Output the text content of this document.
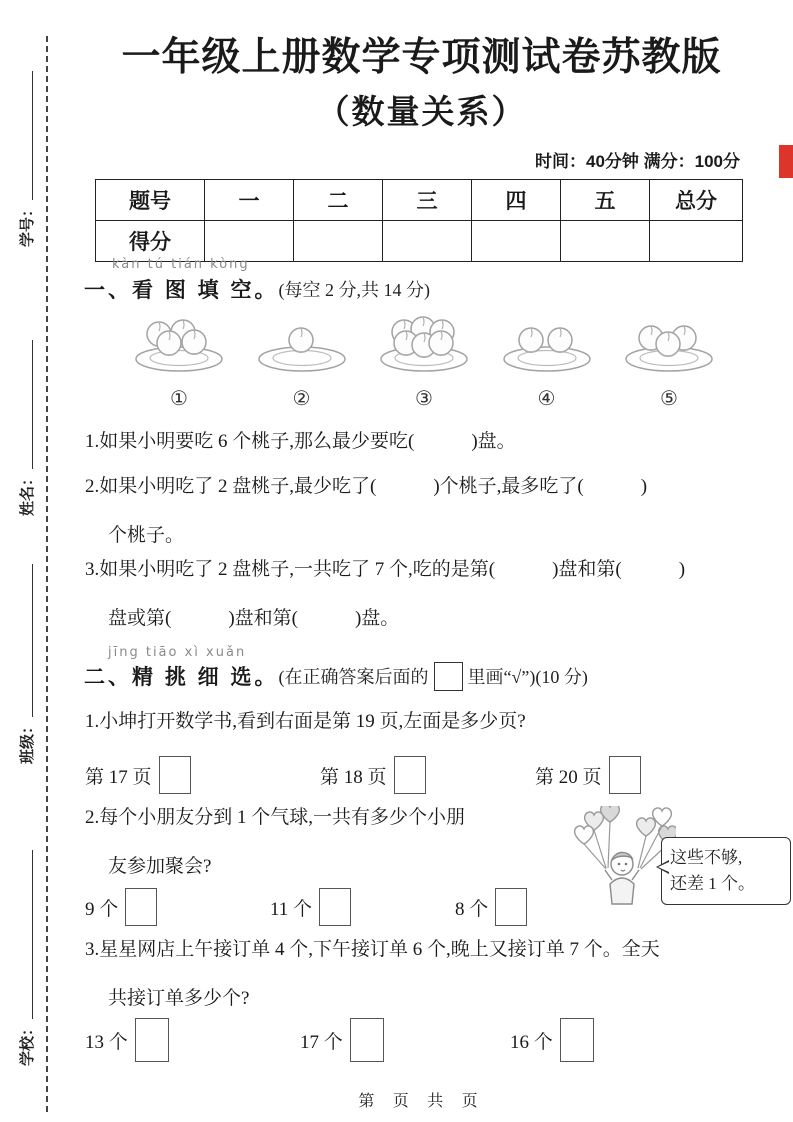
学号：
姓名：
班级：
学校：
一年级上册数学专项测试卷苏教版
（数量关系）
时间：40分钟 满分：100分
题号	一	二	三	四	五	总分
得分						
kàn tú tián kòng
一、看 图 填 空。 (每空 2 分,共 14 分)
①	②	③	④	⑤
1.如果小明要吃 6 个桃子,那么最少要吃(　　　)盘。
2.如果小明吃了 2 盘桃子,最少吃了(　　　)个桃子,最多吃了(　　　)
个桃子。
3.如果小明吃了 2 盘桃子,一共吃了 7 个,吃的是第(　　　)盘和第(　　　)
盘或第(　　　)盘和第(　　　)盘。
jīng tiāo xì xuǎn
二、精 挑 细 选。 (在正确答案后面的 里画“√”)(10 分)
1.小坤打开数学书,看到右面是第 19 页,左面是多少页?
第 17 页	第 18 页	第 20 页
2.每个小朋友分到 1 个气球,一共有多少个小朋
友参加聚会?	这些不够,
还差 1 个。
9 个	11 个	8 个
3.星星网店上午接订单 4 个,下午接订单 6 个,晚上又接订单 7 个。全天
共接订单多少个?
13 个	17 个	16 个
第 页 共 页
